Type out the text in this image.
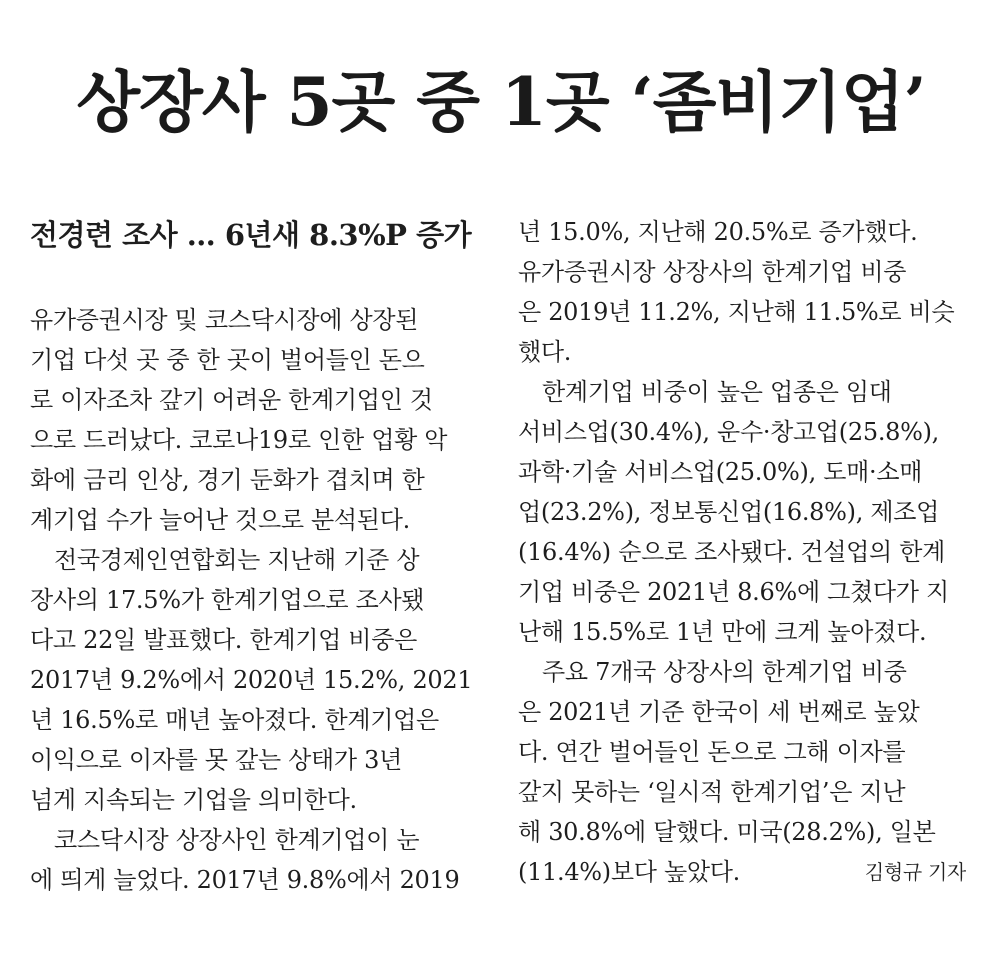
상장사 5곳 중 1곳 ‘좀비기업’
전경련 조사 … 6년새 8.3%P 증가
유가증권시장 및 코스닥시장에 상장된
기업 다섯 곳 중 한 곳이 벌어들인 돈으
로 이자조차 갚기 어려운 한계기업인 것
으로 드러났다. 코로나19로 인한 업황 악
화에 금리 인상, 경기 둔화가 겹치며 한
계기업 수가 늘어난 것으로 분석된다.
전국경제인연합회는 지난해 기준 상
장사의 17.5%가 한계기업으로 조사됐
다고 22일 발표했다. 한계기업 비중은
2017년 9.2%에서 2020년 15.2%, 2021
년 16.5%로 매년 높아졌다. 한계기업은
이익으로 이자를 못 갚는 상태가 3년
넘게 지속되는 기업을 의미한다.
코스닥시장 상장사인 한계기업이 눈
에 띄게 늘었다. 2017년 9.8%에서 2019
년 15.0%, 지난해 20.5%로 증가했다.
유가증권시장 상장사의 한계기업 비중
은 2019년 11.2%, 지난해 11.5%로 비슷
했다.
한계기업 비중이 높은 업종은 임대
서비스업(30.4%), 운수·창고업(25.8%),
과학·기술 서비스업(25.0%), 도매·소매
업(23.2%), 정보통신업(16.8%), 제조업
(16.4%) 순으로 조사됐다. 건설업의 한계
기업 비중은 2021년 8.6%에 그쳤다가 지
난해 15.5%로 1년 만에 크게 높아졌다.
주요 7개국 상장사의 한계기업 비중
은 2021년 기준 한국이 세 번째로 높았
다. 연간 벌어들인 돈으로 그해 이자를
갚지 못하는 ‘일시적 한계기업’은 지난
해 30.8%에 달했다. 미국(28.2%), 일본
(11.4%)보다 높았다.	김형규 기자
